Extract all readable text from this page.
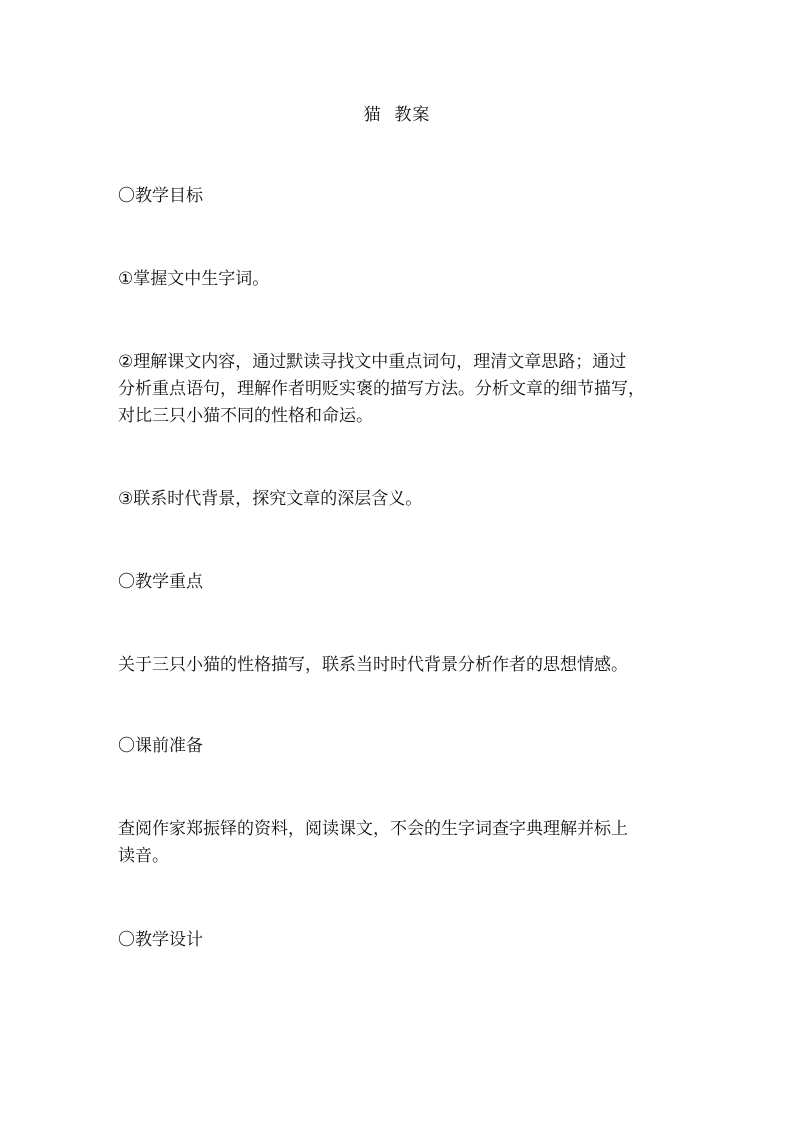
猫  教案
〇教学目标
①掌握文中生字词。
②理解课文内容，通过默读寻找文中重点词句，理清文章思路；通过
分析重点语句，理解作者明贬实褒的描写方法。分析文章的细节描写，
对比三只小猫不同的性格和命运。
③联系时代背景，探究文章的深层含义。
〇教学重点
关于三只小猫的性格描写，联系当时时代背景分析作者的思想情感。
〇课前准备
查阅作家郑振铎的资料，阅读课文，不会的生字词查字典理解并标上
读音。
〇教学设计
